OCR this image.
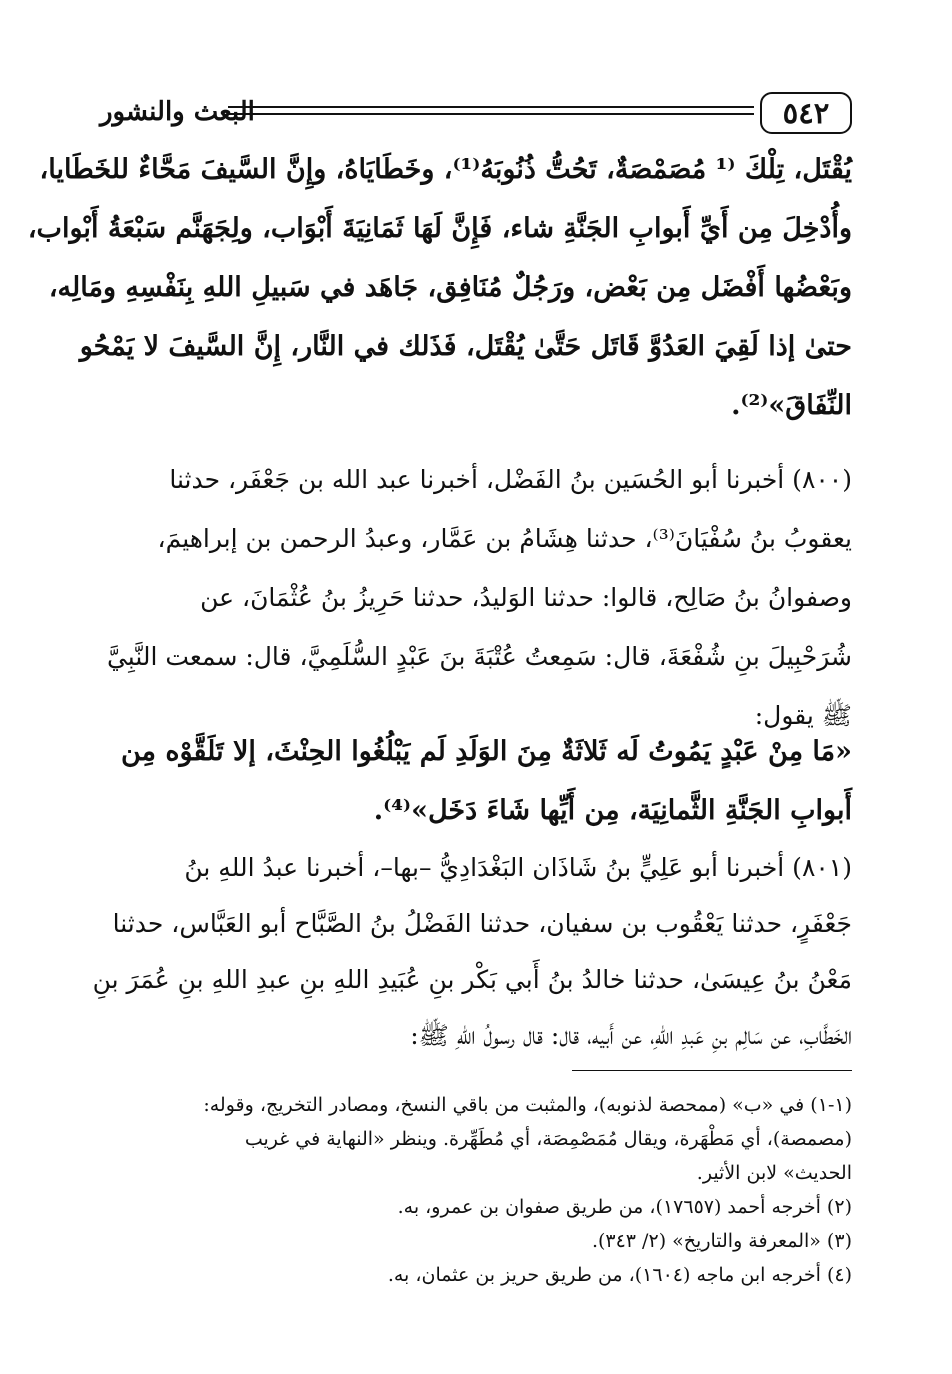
٥٤٢
البعث والنشور
يُقْتَل، تِلْكَ ⁽¹ مُصَمْصَةٌ، تَحُتُّ ذُنُوبَهُ⁽¹⁾، وخَطَايَاهُ، وإِنَّ السَّيفَ مَحَّاءٌ للخَطَايا،
وأُدْخِلَ مِن أَيِّ أَبوابِ الجَنَّةِ شاء، فَإِنَّ لَهَا ثَمَانِيَةَ أَبْوَاب، ولِجَهَنَّم سَبْعَةُ أَبْواب،
وبَعْضُها أَفْضَل مِن بَعْض، ورَجُلٌ مُنَافِق، جَاهَد في سَبيلِ اللهِ بِنَفْسِهِ ومَالِه،
حتىٰ إذا لَقِيَ العَدُوَّ قَاتَل حَتَّىٰ يُقْتَل، فَذَلك في النَّار، إِنَّ السَّيفَ لا يَمْحُو
النِّفَاقَ»⁽²⁾.
(٨٠٠) أخبرنا أبو الحُسَين بنُ الفَضْل، أخبرنا عبد الله بن جَعْفَر، حدثنا
يعقوبُ بنُ سُفْيَانَ⁽³⁾، حدثنا هِشَامُ بن عَمَّار، وعبدُ الرحمن بن إبراهيمَ،
وصفوانُ بنُ صَالِح، قالوا: حدثنا الوَليدُ، حدثنا حَرِيزُ بنُ عُثْمَانَ، عن
شُرَحْبِيلَ بنِ شُفْعَةَ، قال: سَمِعتُ عُتْبَةَ بنَ عَبْدٍ السُّلَمِيَّ، قال: سمعت النَّبِيَّ
ﷺ يقول:
«مَا مِنْ عَبْدٍ يَمُوتُ لَه ثَلاثَةٌ مِنَ الوَلَدِ لَم يَبْلُغُوا الحِنْثَ، إلا تَلَقَّوْه مِن
أَبوابِ الجَنَّةِ الثَّمانِيَة، مِن أَيِّها شَاءَ دَخَل»⁽⁴⁾.
(٨٠١) أخبرنا أبو عَلِيٍّ بنُ شَاذَان البَغْدَادِيُّ –بها–، أخبرنا عبدُ اللهِ بنُ
جَعْفَرٍ، حدثنا يَعْقُوب بن سفيان، حدثنا الفَضْلُ بنُ الصَّبَّاح أبو العَبَّاس، حدثنا
مَعْنُ بنُ عِيسَىٰ، حدثنا خالدُ بنُ أَبي بَكْر بنِ عُبَيدِ اللهِ بنِ عبدِ اللهِ بنِ عُمَرَ بنِ
الخَطَّابِ، عن سَالِم بنِ عَبدِ اللهِ، عن أَبيه، قال: قال رسولُ اللهِ ﷺ:
(١-١) في «ب» (ممحصة لذنوبه)، والمثبت من باقي النسخ، ومصادر التخريج، وقوله:
(مصمصة)، أي مَطْهَرة، ويقال مُمَصْمِصَة، أي مُطَهِّرة. وينظر «النهاية في غريب
الحديث» لابن الأثير.
(٢) أخرجه أحمد (١٧٦٥٧)، من طريق صفوان بن عمرو، به.
(٣) «المعرفة والتاريخ» (٢/ ٣٤٣).
(٤) أخرجه ابن ماجه (١٦٠٤)، من طريق حريز بن عثمان، به.
